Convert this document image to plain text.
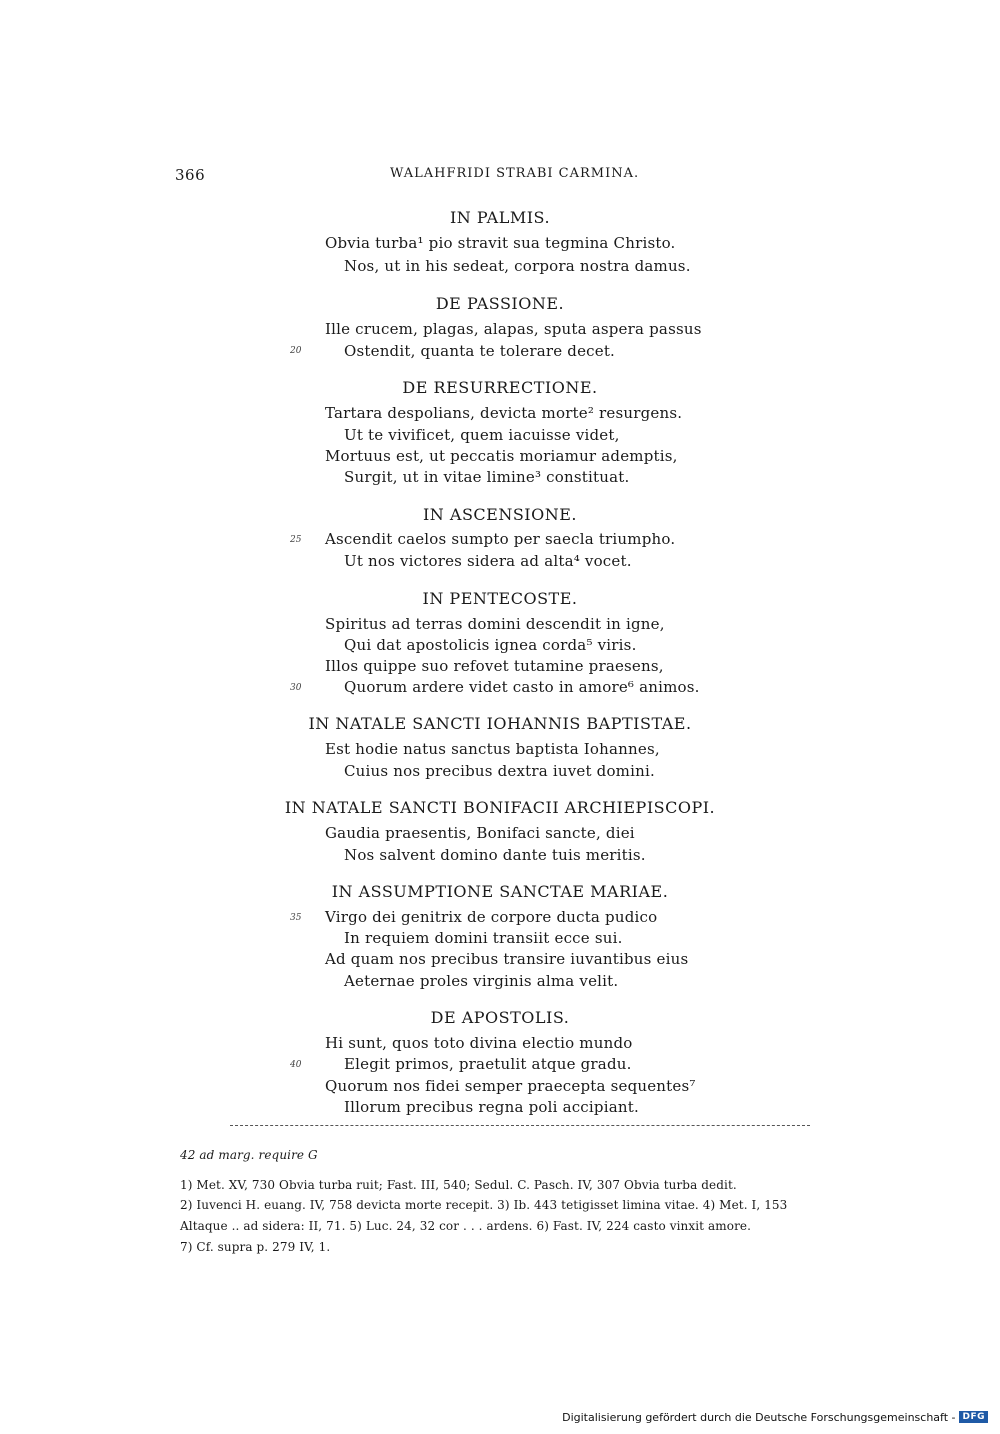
366	WALAHFRIDI STRABI CARMINA.
IN PALMIS.
Obvia turba¹ pio stravit sua tegmina Christo.
Nos, ut in his sedeat, corpora nostra damus.
DE PASSIONE.
Ille crucem, plagas, alapas, sputa aspera passus
20	Ostendit, quanta te tolerare decet.
DE RESURRECTIONE.
Tartara despolians, devicta morte² resurgens.
Ut te vivificet, quem iacuisse videt,
Mortuus est, ut peccatis moriamur ademptis,
Surgit, ut in vitae limine³ constituat.
IN ASCENSIONE.
25 Ascendit caelos sumpto per saecla triumpho.
Ut nos victores sidera ad alta⁴ vocet.
IN PENTECOSTE.
Spiritus ad terras domini descendit in igne,
Qui dat apostolicis ignea corda⁵ viris.
Illos quippe suo refovet tutamine praesens,
30	Quorum ardere videt casto in amore⁶ animos.
IN NATALE SANCTI IOHANNIS BAPTISTAE.
Est hodie natus sanctus baptista Iohannes,
Cuius nos precibus dextra iuvet domini.
IN NATALE SANCTI BONIFACII ARCHIEPISCOPI.
Gaudia praesentis, Bonifaci sancte, diei
Nos salvent domino dante tuis meritis.
IN ASSUMPTIONE SANCTAE MARIAE.
35 Virgo dei genitrix de corpore ducta pudico
In requiem domini transiit ecce sui.
Ad quam nos precibus transire iuvantibus eius
Aeternae proles virginis alma velit.
DE APOSTOLIS.
Hi sunt, quos toto divina electio mundo
40	Elegit primos, praetulit atque gradu.
Quorum nos fidei semper praecepta sequentes⁷
Illorum precibus regna poli accipiant.
42 ad marg. require G
1) Met. XV, 730 Obvia turba ruit; Fast. III, 540; Sedul. C. Pasch. IV, 307 Obvia turba dedit.
2) Iuvenci H. euang. IV, 758 devicta morte recepit. 3) Ib. 443 tetigisset limina vitae. 4) Met. I, 153
Altaque .. ad sidera: II, 71. 5) Luc. 24, 32 cor . . . ardens. 6) Fast. IV, 224 casto vinxit amore.
7) Cf. supra p. 279 IV, 1.
Digitalisierung gefördert durch die Deutsche Forschungsgemeinschaft - DFG
